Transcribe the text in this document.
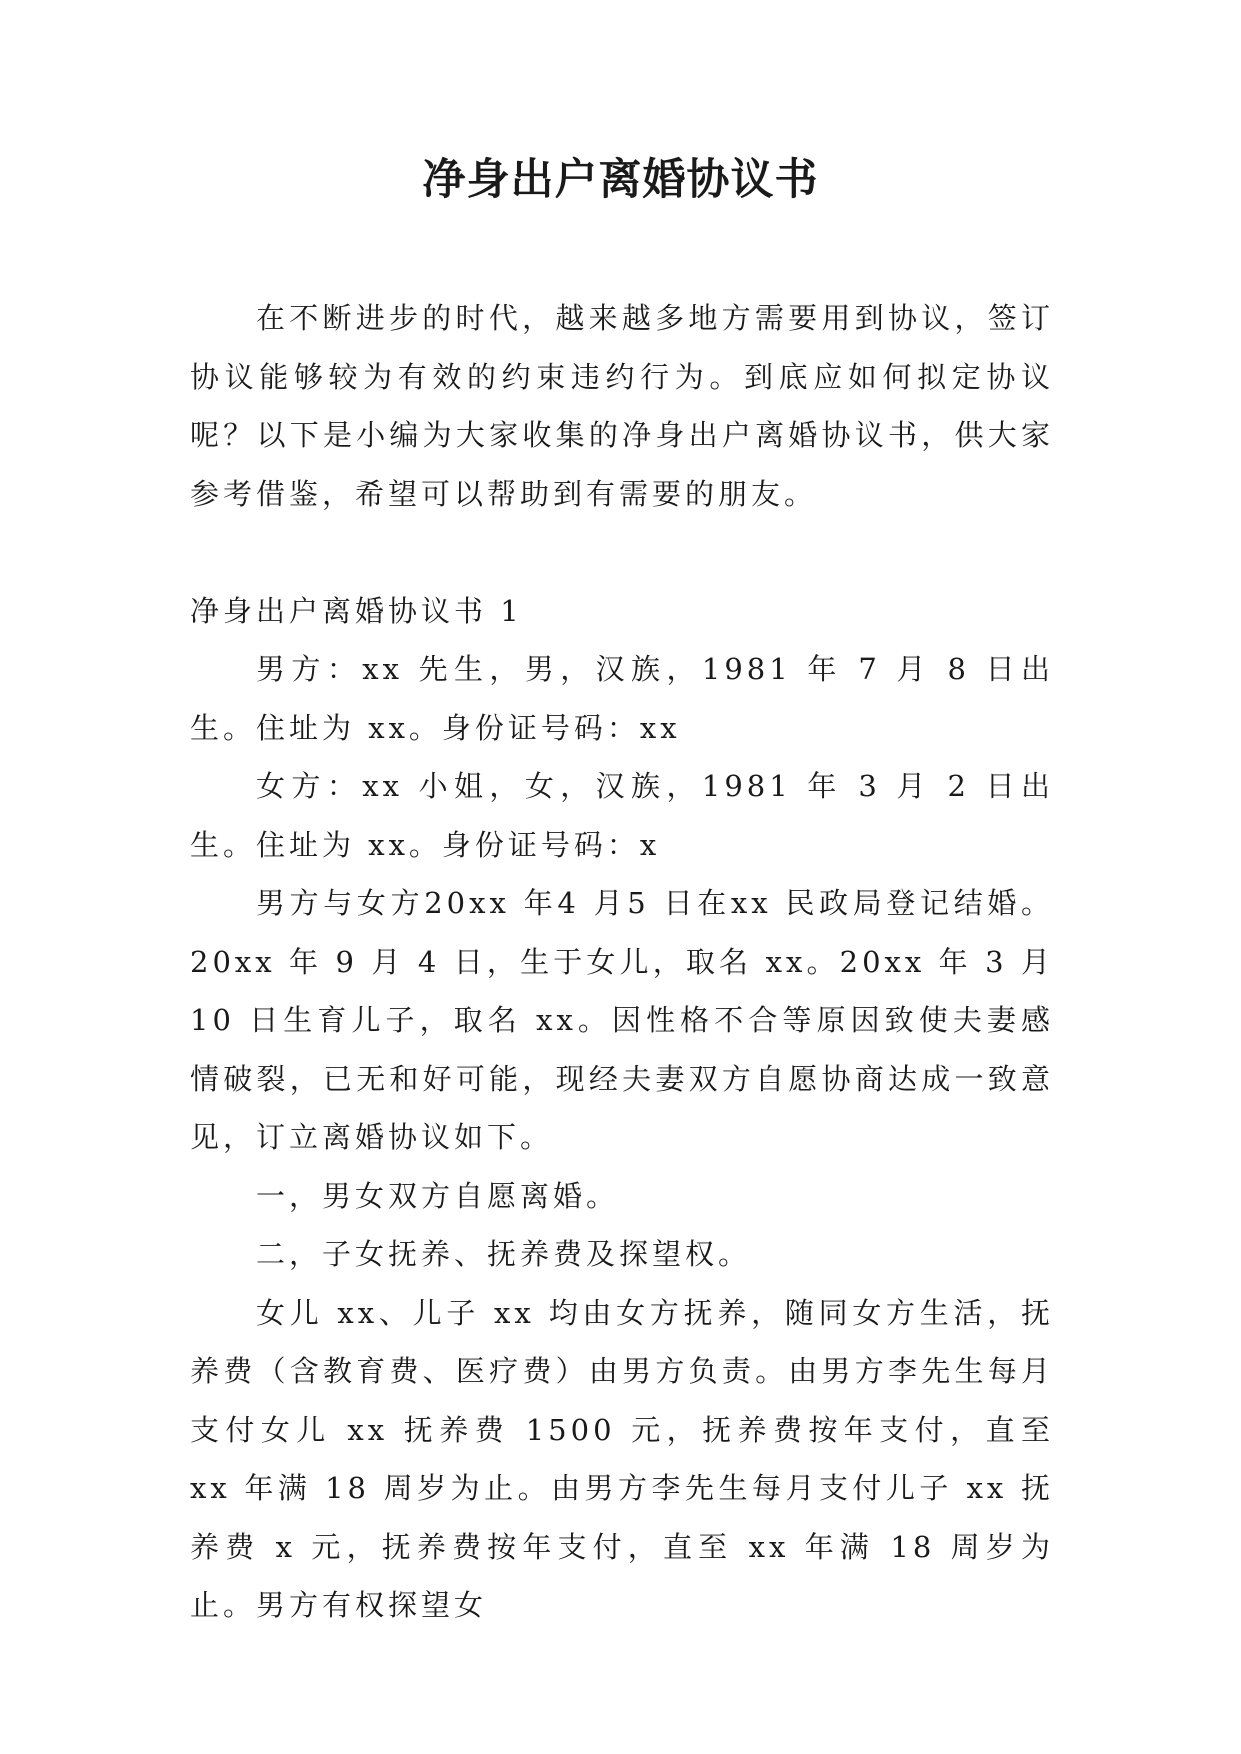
净身出户离婚协议书

在不断进步的时代，越来越多地方需要用到协议，签订协议能够较为有效的约束违约行为。到底应如何拟定协议呢？以下是小编为大家收集的净身出户离婚协议书，供大家参考借鉴，希望可以帮助到有需要的朋友。

净身出户离婚协议书 1

男方：xx 先生，男，汉族，1981 年 7 月 8 日出生。住址为 xx。身份证号码：xx

女方：xx 小姐，女，汉族，1981 年 3 月 2 日出生。住址为 xx。身份证号码：x

男方与女方20xx 年4 月5 日在xx 民政局登记结婚。20xx 年 9 月 4 日，生于女儿，取名 xx。20xx 年 3 月 10 日生育儿子，取名 xx。因性格不合等原因致使夫妻感情破裂，已无和好可能，现经夫妻双方自愿协商达成一致意见，订立离婚协议如下。

一，男女双方自愿离婚。

二，子女抚养、抚养费及探望权。

女儿 xx、儿子 xx 均由女方抚养，随同女方生活，抚养费（含教育费、医疗费）由男方负责。由男方李先生每月支付女儿 xx 抚养费 1500 元，抚养费按年支付，直至 xx 年满 18 周岁为止。由男方李先生每月支付儿子 xx 抚养费 x 元，抚养费按年支付，直至 xx 年满 18 周岁为止。男方有权探望女
